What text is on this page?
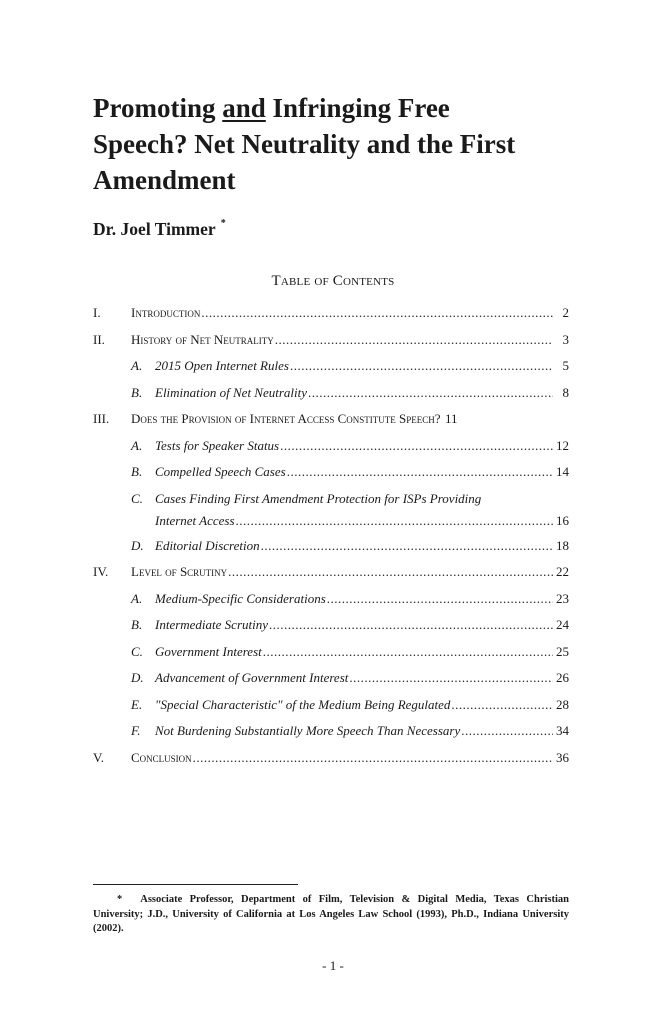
Promoting and Infringing Free
Speech? Net Neutrality and the First
Amendment
Dr. Joel Timmer *
Table of Contents
I.	Introduction .....	2
II.	History of Net Neutrality .....	3
A. 2015 Open Internet Rules .....	5
B. Elimination of Net Neutrality .....	8
III.	Does the Provision of Internet Access Constitute Speech? 11
A. Tests for Speaker Status .....	12
B. Compelled Speech Cases .....	14
C. Cases Finding First Amendment Protection for ISPs Providing
Internet Access .....	16
D. Editorial Discretion .....	18
IV.	Level of Scrutiny .....	22
A. Medium-Specific Considerations .....	23
B. Intermediate Scrutiny .....	24
C. Government Interest .....	25
D. Advancement of Government Interest .....	26
E. "Special Characteristic" of the Medium Being Regulated .....	28
F.	Not Burdening Substantially More Speech Than Necessary .....	34
V.	Conclusion .....	36
* Associate Professor, Department of Film, Television & Digital Media, Texas Christian University; J.D., University of California at Los Angeles Law School (1993), Ph.D., Indiana University (2002).
- 1 -
